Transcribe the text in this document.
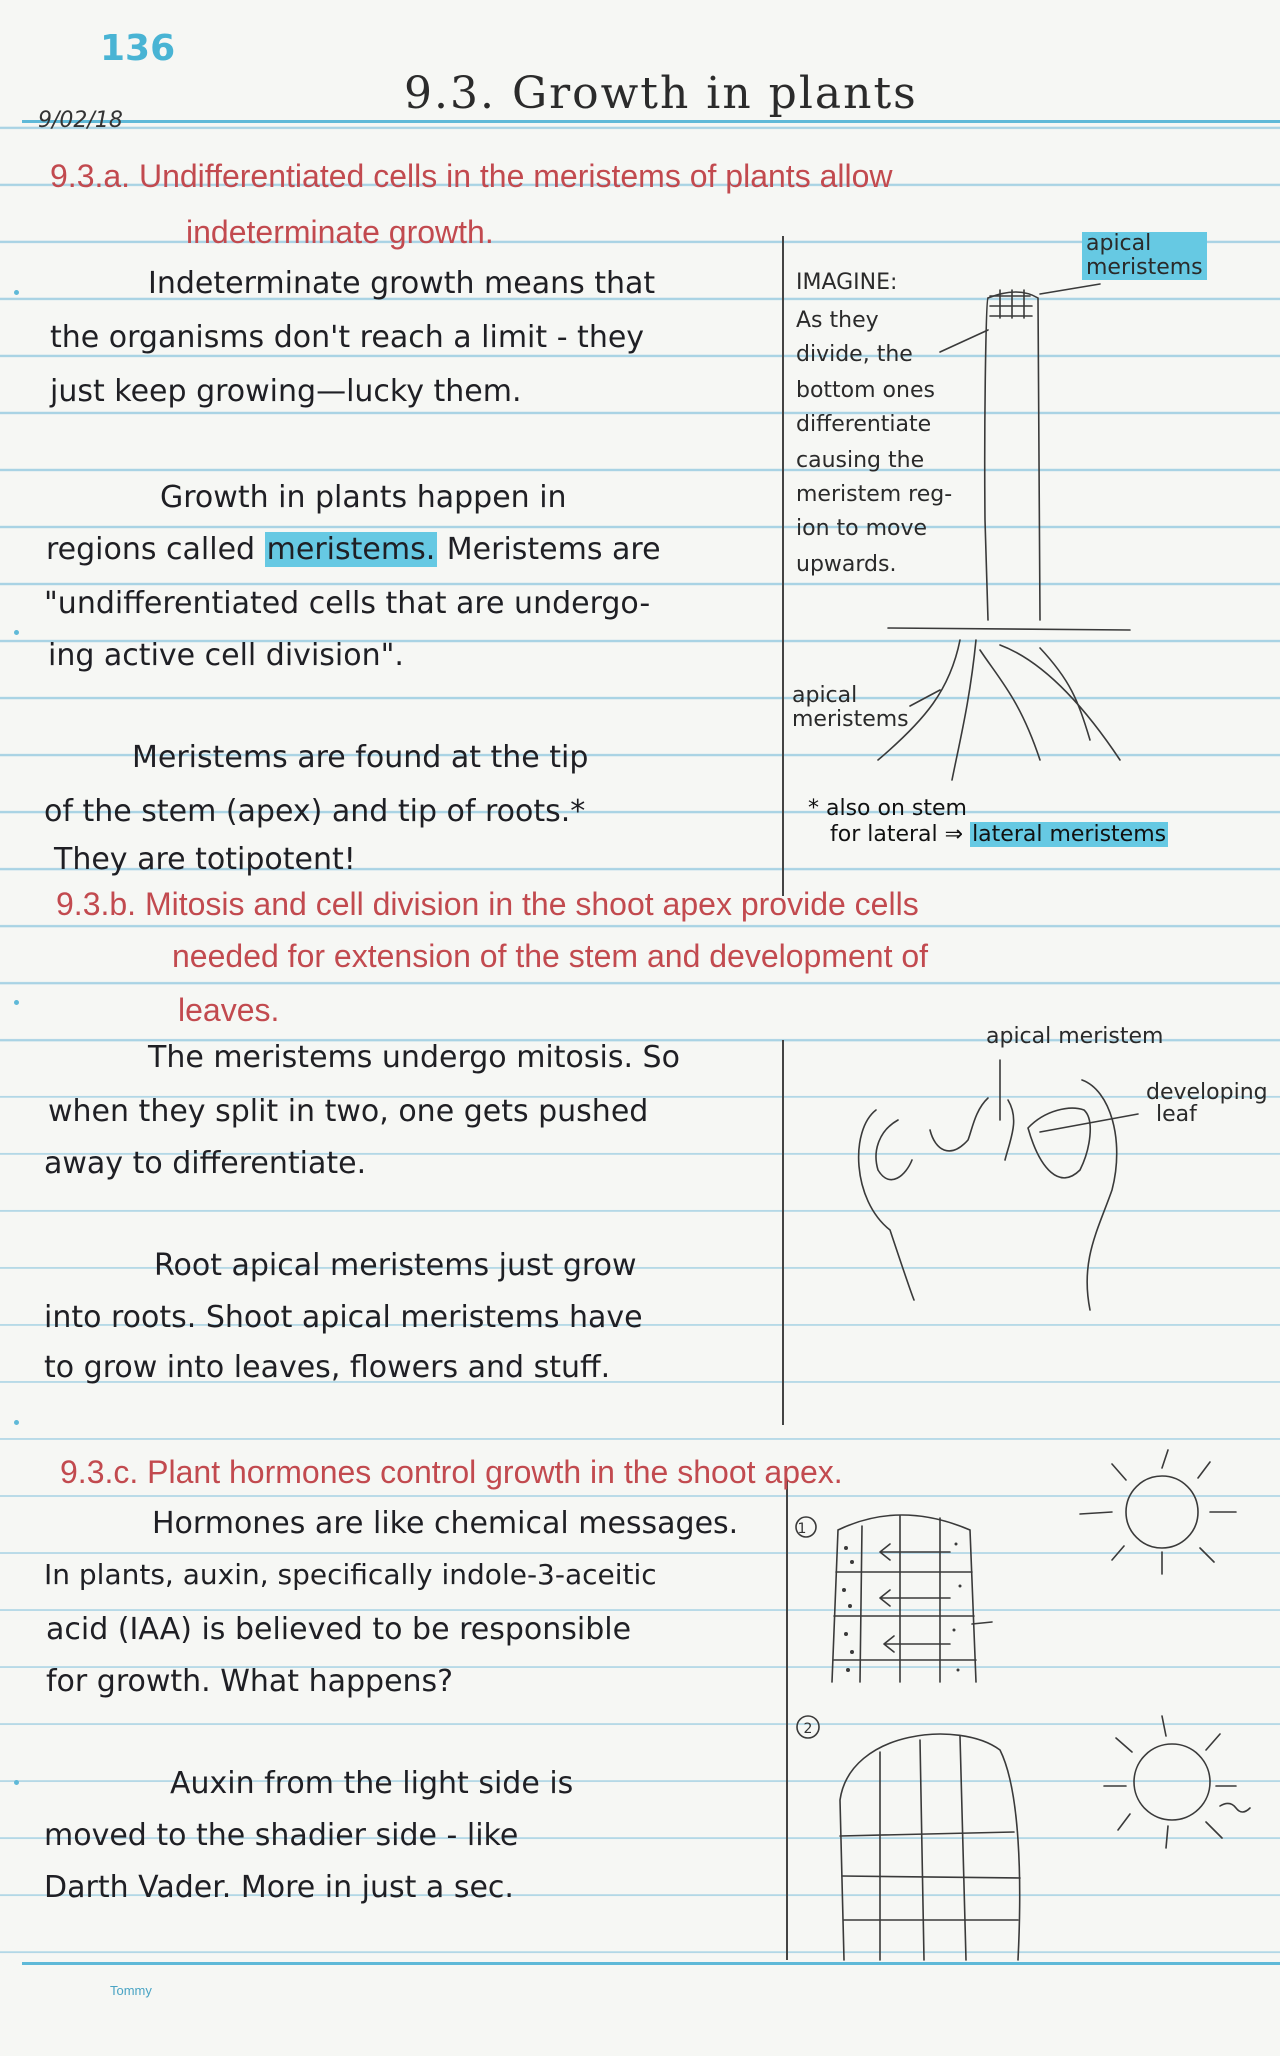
136
9/02/18
9.3. Growth in plants
9.3.a. Undifferentiated cells in the meristems of plants allow
indeterminate growth.
Indeterminate growth means that
the organisms don't reach a limit - they
just keep growing—lucky them.
Growth in plants happen in
regions called meristems. Meristems are
"undifferentiated cells that are undergo-
ing active cell division".
Meristems are found at the tip
of the stem (apex) and tip of roots.*
They are totipotent!
IMAGINE:
As they
divide, the
bottom ones
differentiate
causing the
meristem reg-
ion to move
upwards.
apical
meristems
apical
meristems
* also on stem
for lateral ⇒ lateral meristems
9.3.b. Mitosis and cell division in the shoot apex provide cells
needed for extension of the stem and development of
leaves.
The meristems undergo mitosis. So
when they split in two, one gets pushed
away to differentiate.
Root apical meristems just grow
into roots. Shoot apical meristems have
to grow into leaves, flowers and stuff.
apical meristem
developing
leaf
9.3.c. Plant hormones control growth in the shoot apex.
Hormones are like chemical messages.
In plants, auxin, specifically indole-3-aceitic
acid (IAA) is believed to be responsible
for growth. What happens?
Auxin from the light side is
moved to the shadier side - like
Darth Vader. More in just a sec.
1
2
Tommy
